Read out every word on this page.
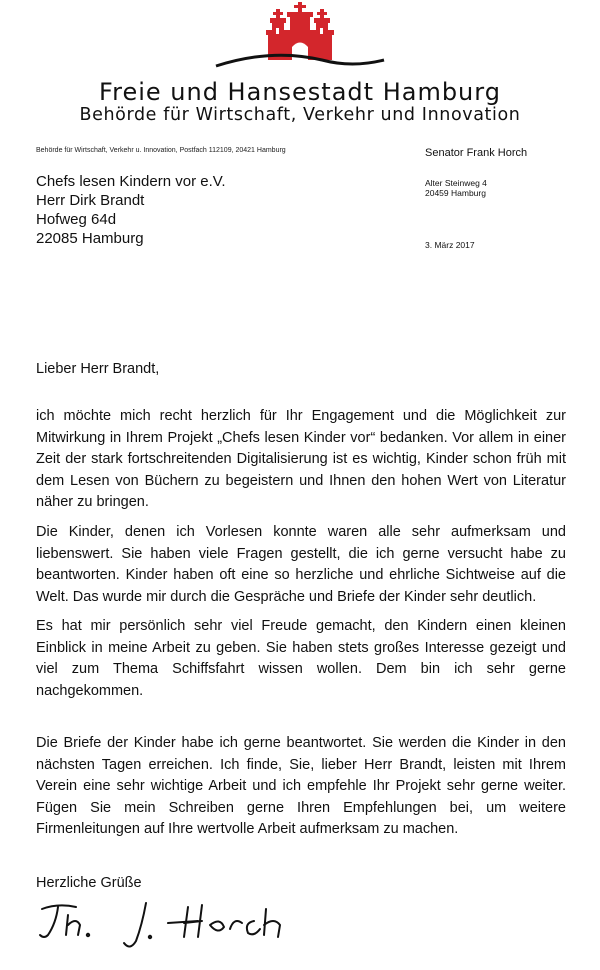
Freie und Hansestadt Hamburg
Behörde für Wirtschaft, Verkehr und Innovation
Behörde für Wirtschaft, Verkehr u. Innovation, Postfach 112109, 20421 Hamburg	Senator Frank Horch
Alter Steinweg 4
20459 Hamburg
3. März 2017
Chefs lesen Kindern vor e.V.
Herr Dirk Brandt
Hofweg 64d
22085 Hamburg
Lieber Herr Brandt,
ich möchte mich recht herzlich für Ihr Engagement und die Möglichkeit zur Mitwirkung in Ihrem Projekt „Chefs lesen Kinder vor“ bedanken. Vor allem in einer Zeit der stark fortschreitenden Digitalisierung ist es wichtig, Kinder schon früh mit dem Lesen von Büchern zu begeistern und Ihnen den hohen Wert von Literatur näher zu bringen.
Die Kinder, denen ich Vorlesen konnte waren alle sehr aufmerksam und liebenswert. Sie haben viele Fragen gestellt, die ich gerne versucht habe zu beantworten. Kinder haben oft eine so herzliche und ehrliche Sichtweise auf die Welt. Das wurde mir durch die Gespräche und Briefe der Kinder sehr deutlich.
Es hat mir persönlich sehr viel Freude gemacht, den Kindern einen kleinen Einblick in meine Arbeit zu geben. Sie haben stets großes Interesse gezeigt und viel zum Thema Schiffsfahrt wissen wollen. Dem bin ich sehr gerne nachgekommen.
Die Briefe der Kinder habe ich gerne beantwortet. Sie werden die Kinder in den nächsten Tagen erreichen. Ich finde, Sie, lieber Herr Brandt, leisten mit Ihrem Verein eine sehr wichtige Arbeit und ich empfehle Ihr Projekt sehr gerne weiter. Fügen Sie mein Schreiben gerne Ihren Empfehlungen bei, um weitere Firmenleitungen auf Ihre wertvolle Arbeit aufmerksam zu machen.
Herzliche Grüße
